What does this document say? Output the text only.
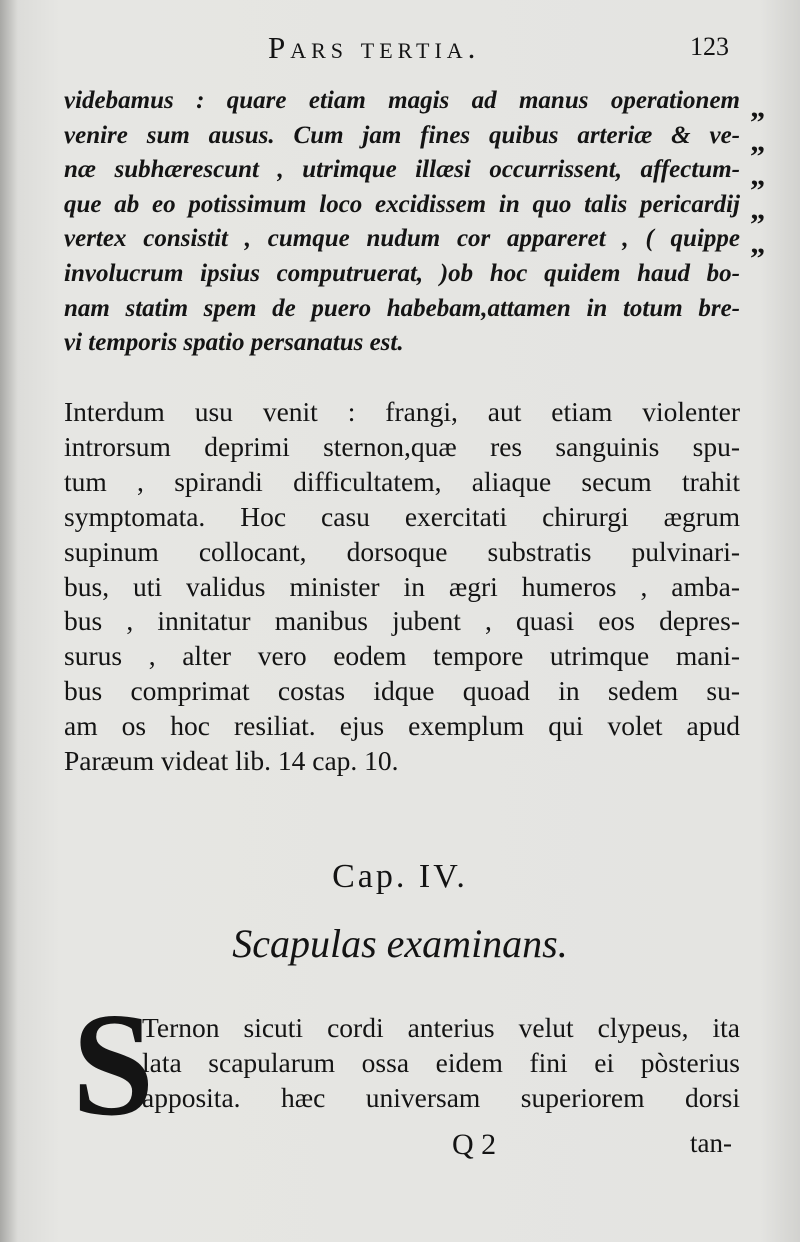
Pars tertia.	123
”
”
”
”
”
videbamus : quare etiam magis ad manus operationem
venire sum ausus. Cum jam fines quibus arteriæ & ve-
næ subhærescunt , utrimque illæsi occurrissent, affectum-
que ab eo potissimum loco excidissem in quo talis pericardij
vertex consistit , cumque nudum cor appareret , ( quippe
involucrum ipsius computruerat, )ob hoc quidem haud bo-
nam statim spem de puero habebam,attamen in totum bre-
vi temporis spatio persanatus est.
Interdum usu venit : frangi, aut etiam violenter
introrsum deprimi sternon,quæ res sanguinis spu-
tum , spirandi difficultatem, aliaque secum trahit
symptomata. Hoc casu exercitati chirurgi ægrum
supinum collocant, dorsoque substratis pulvinari-
bus, uti validus minister in ægri humeros , amba-
bus , innitatur manibus jubent , quasi eos depres-
surus , alter vero eodem tempore utrimque mani-
bus comprimat costas idque quoad in sedem su-
am os hoc resiliat. ejus exemplum qui volet apud
Paræum videat lib. 14 cap. 10.
Cap. IV.
Scapulas examinans.
S
Ternon sicuti cordi anterius velut clypeus, ita
lata scapularum ossa eidem fini ei pòsterius
apposita. hæc universam superiorem dorsi
Q 2	tan-
